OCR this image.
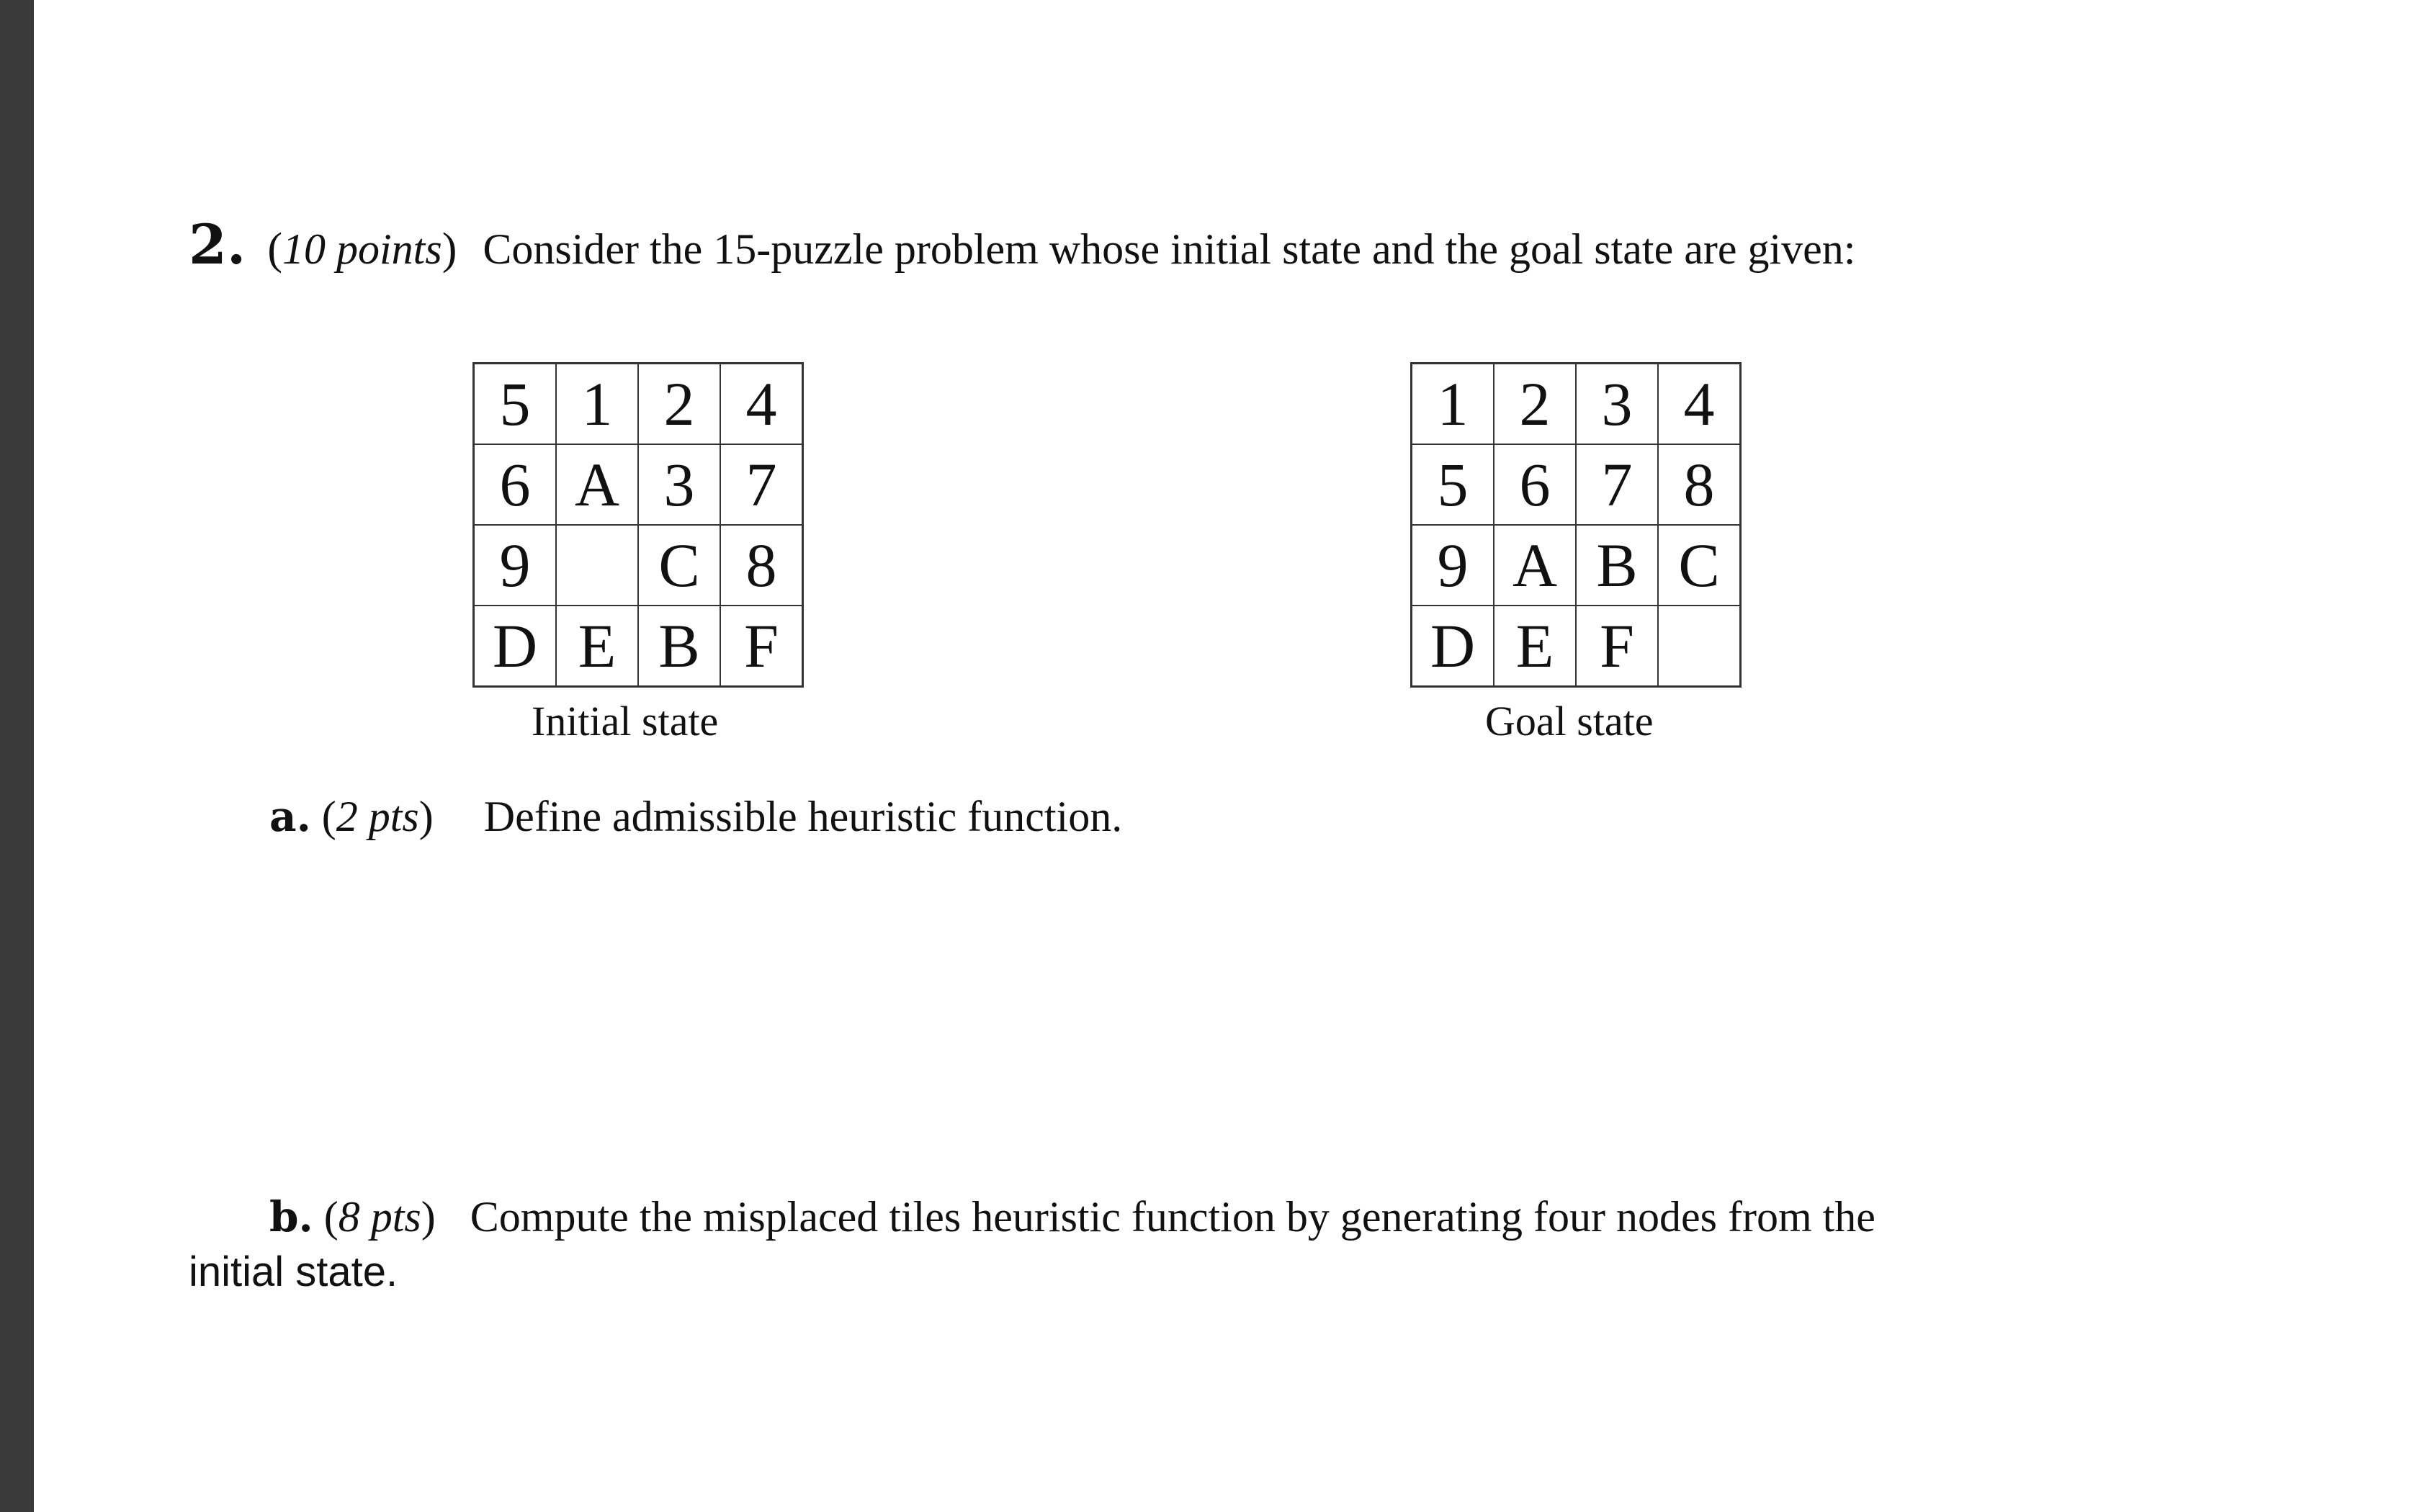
2. (10 points) Consider the 15-puzzle problem whose initial state and the goal state are given:
5	1	2	4
6	A	3	7
9		C	8
D	E	B	F
1	2	3	4
5	6	7	8
9	A	B	C
D	E	F	
Initial state	Goal state
a. (2 pts) Define admissible heuristic function.
b. (8 pts) Compute the misplaced tiles heuristic function by generating four nodes from the
initial state.
